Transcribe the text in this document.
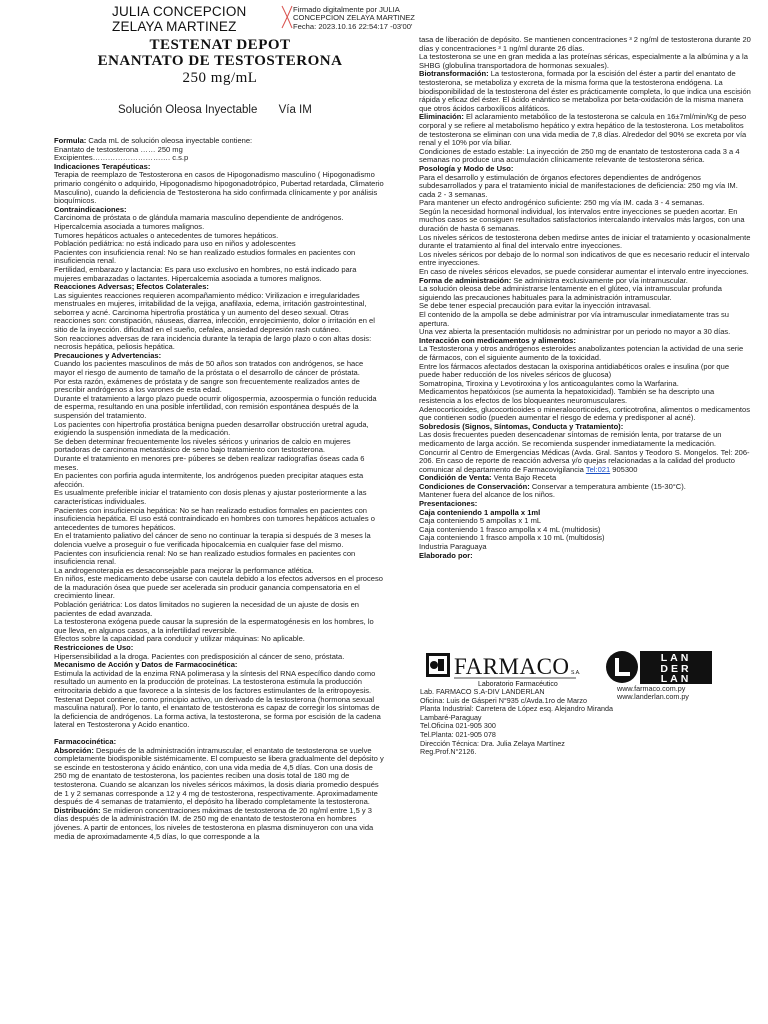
JULIA CONCEPCION ZELAYA MARTINEZ
Firmado digitalmente por JULIA
CONCEPCION ZELAYA MARTINEZ
Fecha: 2023.10.16 22:54:17 -03'00'
TESTENAT DEPOT
ENANTATO DE TESTOSTERONA
250 mg/mL
Solución Oleosa Inyectable Vía IM

Formula: Cada mL de solución oleosa inyectable contiene:

Enantato de testosterona …… 250 mg

Excipientes…………………………. c.s.p

Indicaciones Terapéuticas:

Terapia de reemplazo de Testosterona en casos de Hipogonadismo masculino ( Hipogonadismo primario congénito o adquirido, Hipogonadismo hipogonadotrópico, Pubertad retardada, Climaterio Masculino), cuando la deficiencia de Testosterona ha sido confirmada clínicamente y por análisis bioquímicos.

Contraindicaciones:

Carcinoma de próstata o de glándula mamaria masculino dependiente de andrógenos.

Hipercalcemia asociada a tumores malignos.

Tumores hepáticos actuales o antecedentes de tumores hepáticos.

Población pediátrica: no está indicado para uso en niños y adolescentes

Pacientes con insuficiencia renal: No se han realizado estudios formales en pacientes con insuficiencia renal.

Fertilidad, embarazo y lactancia: Es para uso exclusivo en hombres, no está indicado para mujeres embarazadas o lactantes. Hipercalcemia asociada a tumores malignos.

Reacciones Adversas; Efectos Colaterales:

Las siguientes reacciones requieren acompañamiento médico: Virilizacion e irregularidades menstruales en mujeres, irritabilidad de la vejiga, anafilaxia, edema, irritación gastrointestinal, seborrea y acné. Carcinoma hipertrofia prostática y un aumento del deseo sexual. Otras reacciones son: constipación, náuseas, diarrea, infección, enrojecimiento, dolor o irritación en el sitio de la inyección. dificultad en el sueño, cefalea, ansiedad depresión rash cutáneo.

Son reacciones adversas de rara incidencia durante la terapia de largo plazo o con altas dosis: necrosis hepática, peliosis hepática.

Precauciones y Advertencias:

Cuando los pacientes masculinos de más de 50 años son tratados con andrógenos, se hace mayor el riesgo de aumento de tamaño de la próstata o el desarrollo de cáncer de próstata.

Por esta razón, exámenes de próstata y de sangre son frecuentemente realizados antes de prescribir andrógenos a los varones de esta edad.

Durante el tratamiento a largo plazo puede ocurrir oligospermia, azoospermia o función reducida de esperma, resultando en una posible infertilidad, con remisión espontánea después de la suspensión del tratamiento.

Los pacientes con hipertrofia prostática benigna pueden desarrollar obstrucción uretral aguda, exigiendo la suspensión inmediata de la medicación.

Se deben determinar frecuentemente los niveles séricos y urinarios de calcio en mujeres portadoras de carcinoma metastásico de seno bajo tratamiento con testosterona.

Durante el tratamiento en menores pre- púberes se deben realizar radiografías óseas cada 6 meses.

En pacientes con porfiria aguda intermitente, los andrógenos pueden precipitar ataques esta afección.

Es usualmente preferible iniciar el tratamiento con dosis plenas y ajustar posteriormente a las características individuales.

Pacientes con insuficiencia hepática: No se han realizado estudios formales en pacientes con insuficiencia hepática. El uso está contraindicado en hombres con tumores hepáticos actuales o antecedentes de tumores hepáticos.

En el tratamiento paliativo del cáncer de seno no continuar la terapia si después de 3 meses la dolencia vuelve a proseguir o fue verificada hipocalcemia en cualquier fase del mismo.

Pacientes con insuficiencia renal: No se han realizado estudios formales en pacientes con insuficiencia renal.

La androgenoterapia es desaconsejable para mejorar la performance atlética.

En niños, este medicamento debe usarse con cautela debido a los efectos adversos en el proceso de la maduración ósea que puede ser acelerada sin producir ganancia compensatoria en el crecimiento linear.

Población geriátrica: Los datos limitados no sugieren la necesidad de un ajuste de dosis en pacientes de edad avanzada.

La testosterona exógena puede causar la supresión de la espermatogénesis en los hombres, lo que lleva, en algunos casos, a la infertilidad reversible.

Efectos sobre la capacidad para conducir y utilizar máquinas: No aplicable.

Restricciones de Uso:

Hipersensibilidad a la droga. Pacientes con predisposición al cáncer de seno, próstata.

Mecanismo de Acción y Datos de Farmacocinética:

Estimula la actividad de la enzima RNA polimerasa y la síntesis del RNA específico dando como resultado un aumento en la producción de proteínas. La testosterona estimula la producción eritrocitaria debido a que favorece a la síntesis de los factores estimulantes de la eritropoyesis.

Testenat Depot contiene, como principio activo, un derivado de la testosterona (hormona sexual masculina natural). Por lo tanto, el enantato de testosterona es capaz de corregir los síntomas de la deficiencia de andrógenos. La forma activa, la testosterona, se forma por escisión de la cadena lateral en Testosterona y Acido enantico.

Farmacocinética:

Absorción: Después de la administración intramuscular, el enantato de testosterona se vuelve completamente biodisponible sistémicamente. El compuesto se libera gradualmente del depósito y se escinde en testosterona y ácido enántico, con una vida media de 4,5 días. Con una dosis de 250 mg de enantato de testosterona, los pacientes reciben una dosis total de 180 mg de testosterona. Cuando se alcanzan los niveles séricos máximos, la dosis diaria promedio después de 1 y 2 semanas corresponde a 12 y 4 mg de testosterona, respectivamente. Aproximadamente después de 4 semanas de tratamiento, el depósito ha liberado completamente la testosterona.

Distribución: Se midieron concentraciones máximas de testosterona de 20 ng/ml entre 1,5 y 3 días después de la administración IM. de 250 mg de enantato de testosterona en hombres jóvenes. A partir de entonces, los niveles de testosterona en plasma disminuyeron con una vida media de aproximadamente 4,5 días, lo que corresponde a la

tasa de liberación de depósito. Se mantienen concentraciones ³ 2 ng/ml de testosterona durante 20 días y concentraciones ³ 1 ng/ml durante 26 días.

La testosterona se une en gran medida a las proteínas séricas, especialmente a la albúmina y a la SHBG (globulina transportadora de hormonas sexuales).

Biotransformación: La testosterona, formada por la escisión del éster a partir del enantato de testosterona, se metaboliza y excreta de la misma forma que la testosterona endógena. La biodisponibilidad de la testosterona del éster es prácticamente completa, lo que indica una escisión rápida y eficaz del éster. El ácido enántico se metaboliza por beta-oxidación de la misma manera que otros ácidos carboxílicos alifáticos.

Eliminación: El aclaramiento metabólico de la testosterona se calcula en 16±7ml/min/Kg de peso corporal y se refiere al metabolismo hepático y extra hepático de la testosterona. Los metabolitos de testosterona se eliminan con una vida media de 7,8 días. Alrededor del 90% se excreta por vía renal y el 10% por vía biliar.

Condiciones de estado estable: La inyección de 250 mg de enantato de testosterona cada 3 a 4 semanas no produce una acumulación clínicamente relevante de testosterona sérica.

Posología y Modo de Uso:

Para el desarrollo y estimulación de órganos efectores dependientes de andrógenos subdesarrollados y para el tratamiento inicial de manifestaciones de deficiencia: 250 mg vía IM. cada 2 - 3 semanas.

Para mantener un efecto androgénico suficiente: 250 mg vía IM. cada 3 - 4 semanas.

Según la necesidad hormonal individual, los intervalos entre inyecciones se pueden acortar. En muchos casos se consiguen resultados satisfactorios intercalando intervalos más largos, con una duración de hasta 6 semanas.

Los niveles séricos de testosterona deben medirse antes de iniciar el tratamiento y ocasionalmente durante el tratamiento al final del intervalo entre inyecciones.

Los niveles séricos por debajo de lo normal son indicativos de que es necesario reducir el intervalo entre inyecciones.

En caso de niveles séricos elevados, se puede considerar aumentar el intervalo entre inyecciones.

Forma de administración: Se administra exclusivamente por vía intramuscular.

La solución oleosa debe administrarse lentamente en el glúteo, vía intramuscular profunda siguiendo las precauciones habituales para la administración intramuscular.

Se debe tener especial precaución para evitar la inyección intravasal.

El contenido de la ampolla se debe administrar por vía intramuscular inmediatamente tras su apertura.

Una vez abierta la presentación multidosis no administrar por un periodo no mayor a 30 días.

Interacción con medicamentos y alimentos:

La Testosterona y otros andrógenos esteroides anabolizantes potencian la actividad de una serie de fármacos, con el siguiente aumento de la toxicidad.

Entre los fármacos afectados destacan la oxisporina antidiabéticos orales e insulina (por que puede haber reducción de los niveles séricos de glucosa)

Somatropina, Tiroxina y Levotiroxina y los anticoagulantes como la Warfarina.

Medicamentos hepatóxicos (se aumenta la hepatoxicidad). También se ha descripto una resistencia a los efectos de los bloqueantes neuromusculares.

Adenocorticoides, glucocorticoides o mineralocorticoides, corticotrofina, alimentos o medicamentos que contienen sodio (pueden aumentar el riesgo de edema y predisponer al acné).

Sobredosis (Signos, Síntomas, Conducta y Tratamiento):

Las dosis frecuentes pueden desencadenar síntomas de remisión lenta, por tratarse de un medicamento de larga acción. Se recomienda suspender inmediatamente la medicación.

Concurrir al Centro de Emergencias Médicas (Avda. Gral. Santos y Teodoro S. Mongelos. Tel: 206-206. En caso de reporte de reacción adversa y/o quejas relacionadas a la calidad del producto comunicar al departamento de Farmacovigilancia Tel:021 905300

Condición de Venta: Venta Bajo Receta

Condiciones de Conservación: Conservar a temperatura ambiente (15-30°C).

Mantener fuera del alcance de los niños.

Presentaciones:

Caja conteniendo 1 ampolla x 1ml

Caja conteniendo 5 ampollas x 1 mL

Caja conteniendo 1 frasco ampolla x 4 mL (multidosis)

Caja conteniendo 1 frasco ampolla x 10 mL (multidosis)

Industria Paraguaya

Elaborado por:

FARMACO S.A.
Laboratorio Farmacéutico
LAN
DER
LAN
www.farmaco.com.py
www.landerlan.com.py
Lab. FARMACO S.A-DIV LANDERLAN
Oficina: Luis de Gásperi N°935 c/Avda.1ro de Marzo
Planta Industrial: Carretera de López esq. Alejandro Miranda
Lambaré-Paraguay
Tel.Oficina 021-905 300
Tel.Planta: 021-905 078
Dirección Técnica: Dra. Julia Zelaya Martínez
Reg.Prof.N°2126.
